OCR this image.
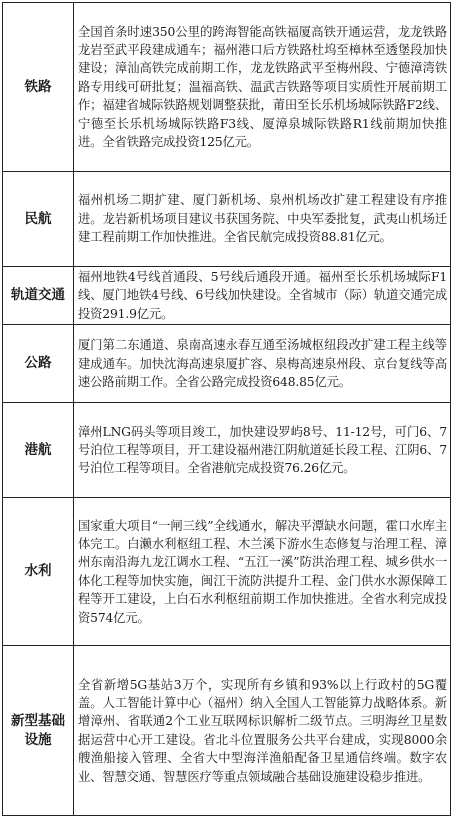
铁路	全国首条时速350公里的跨海智能高铁福厦高铁开通运营，龙龙铁路龙岩至武平段建成通车；福州港口后方铁路杜坞至樟林至透堡段加快建设；漳汕高铁完成前期工作，龙龙铁路武平至梅州段、宁德漳湾铁路专用线可研批复；温福高铁、温武吉铁路等项目实质性开展前期工作；福建省城际铁路规划调整获批，莆田至长乐机场城际铁路F2线、宁德至长乐机场城际铁路F3线、厦漳泉城际铁路R1线前期加快推进。全省铁路完成投资125亿元。
民航	福州机场二期扩建、厦门新机场、泉州机场改扩建工程建设有序推进。龙岩新机场项目建议书获国务院、中央军委批复，武夷山机场迁建工程前期工作加快推进。全省民航完成投资88.81亿元。
轨道交通	福州地铁4号线首通段、5号线后通段开通。福州至长乐机场城际F1线、厦门地铁4号线、6号线加快建设。全省城市（际）轨道交通完成投资291.9亿元。
公路	厦门第二东通道、泉南高速永春互通至汤城枢纽段改扩建工程主线等建成通车。加快沈海高速泉厦扩容、泉梅高速泉州段、京台复线等高速公路前期工作。全省公路完成投资648.85亿元。
港航	漳州LNG码头等项目竣工，加快建设罗屿8号、11-12号，可门6、7号泊位工程等项目，开工建设福州港江阴航道延长段工程、江阴6、7号泊位工程等项目。全省港航完成投资76.26亿元。
水利	国家重大项目“一闸三线”全线通水，解决平潭缺水问题，霍口水库主体完工。白濑水利枢纽工程、木兰溪下游水生态修复与治理工程、漳州东南沿海九龙江调水工程、“五江一溪”防洪治理工程、城乡供水一体化工程等加快实施，闽江干流防洪提升工程、金门供水水源保障工程等开工建设，上白石水利枢纽前期工作加快推进。全省水利完成投资574亿元。
新型基础设施	全省新增5G基站3万个，实现所有乡镇和93%以上行政村的5G覆盖。人工智能计算中心（福州）纳入全国人工智能算力战略体系。新增漳州、省联通2个工业互联网标识解析二级节点。三明海丝卫星数据运营中心开工建设。省北斗位置服务公共平台建成，实现8000余艘渔船接入管理、全省大中型海洋渔船配备卫星通信终端。数字农业、智慧交通、智慧医疗等重点领域融合基础设施建设稳步推进。
